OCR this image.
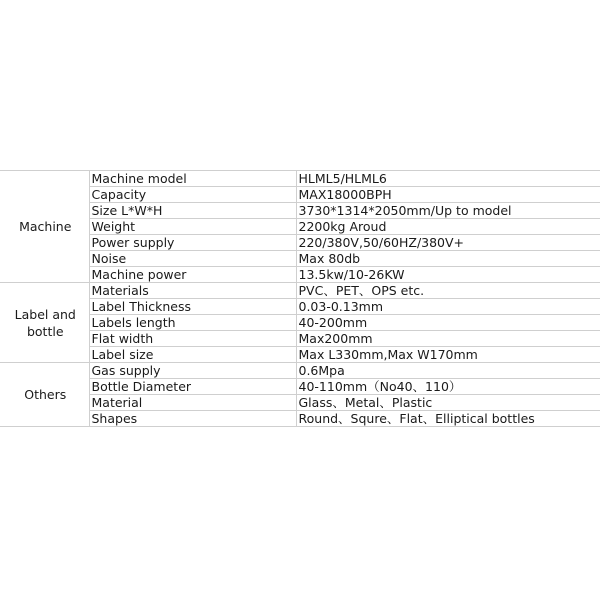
Machine	Machine model	HLML5/HLML6
	Capacity	MAX18000BPH
	Size L*W*H	3730*1314*2050mm/Up to model
	Weight	2200kg Aroud
	Power supply	220/380V,50/60HZ/380V+
	Noise	Max 80db
	Machine power	13.5kw/10-26KW
Label and bottle	Materials	PVC、PET、OPS etc.
	Label Thickness	0.03-0.13mm
	Labels length	40-200mm
	Flat width	Max200mm
	Label size	Max L330mm,Max W170mm
Others	Gas supply	0.6Mpa
	Bottle Diameter	40-110mm（No40、110）
	Material	Glass、Metal、Plastic
	Shapes	Round、Squre、Flat、Elliptical bottles
